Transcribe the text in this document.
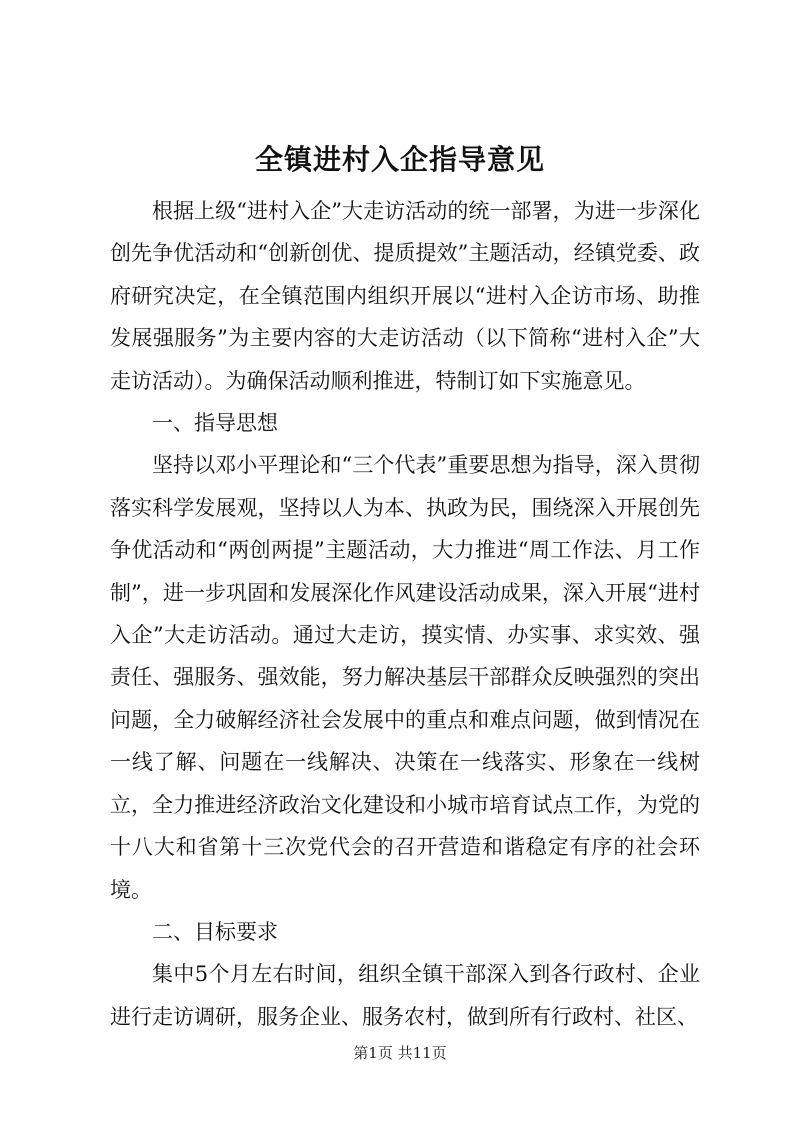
全镇进村入企指导意见

根据上级“进村入企”大走访活动的统一部署，为进一步深化创先争优活动和“创新创优、提质提效”主题活动，经镇党委、政府研究决定，在全镇范围内组织开展以“进村入企访市场、助推发展强服务”为主要内容的大走访活动（以下简称“进村入企”大走访活动）。为确保活动顺利推进，特制订如下实施意见。

一、指导思想

坚持以邓小平理论和“三个代表”重要思想为指导，深入贯彻落实科学发展观，坚持以人为本、执政为民，围绕深入开展创先争优活动和“两创两提”主题活动，大力推进“周工作法、月工作制”，进一步巩固和发展深化作风建设活动成果，深入开展“进村入企”大走访活动。通过大走访，摸实情、办实事、求实效、强责任、强服务、强效能，努力解决基层干部群众反映强烈的突出问题，全力破解经济社会发展中的重点和难点问题，做到情况在一线了解、问题在一线解决、决策在一线落实、形象在一线树立，全力推进经济政治文化建设和小城市培育试点工作，为党的十八大和省第十三次党代会的召开营造和谐稳定有序的社会环境。

二、目标要求

集中5个月左右时间，组织全镇干部深入到各行政村、企业进行走访调研，服务企业、服务农村，做到所有行政村、社区、

第1页 共11页
